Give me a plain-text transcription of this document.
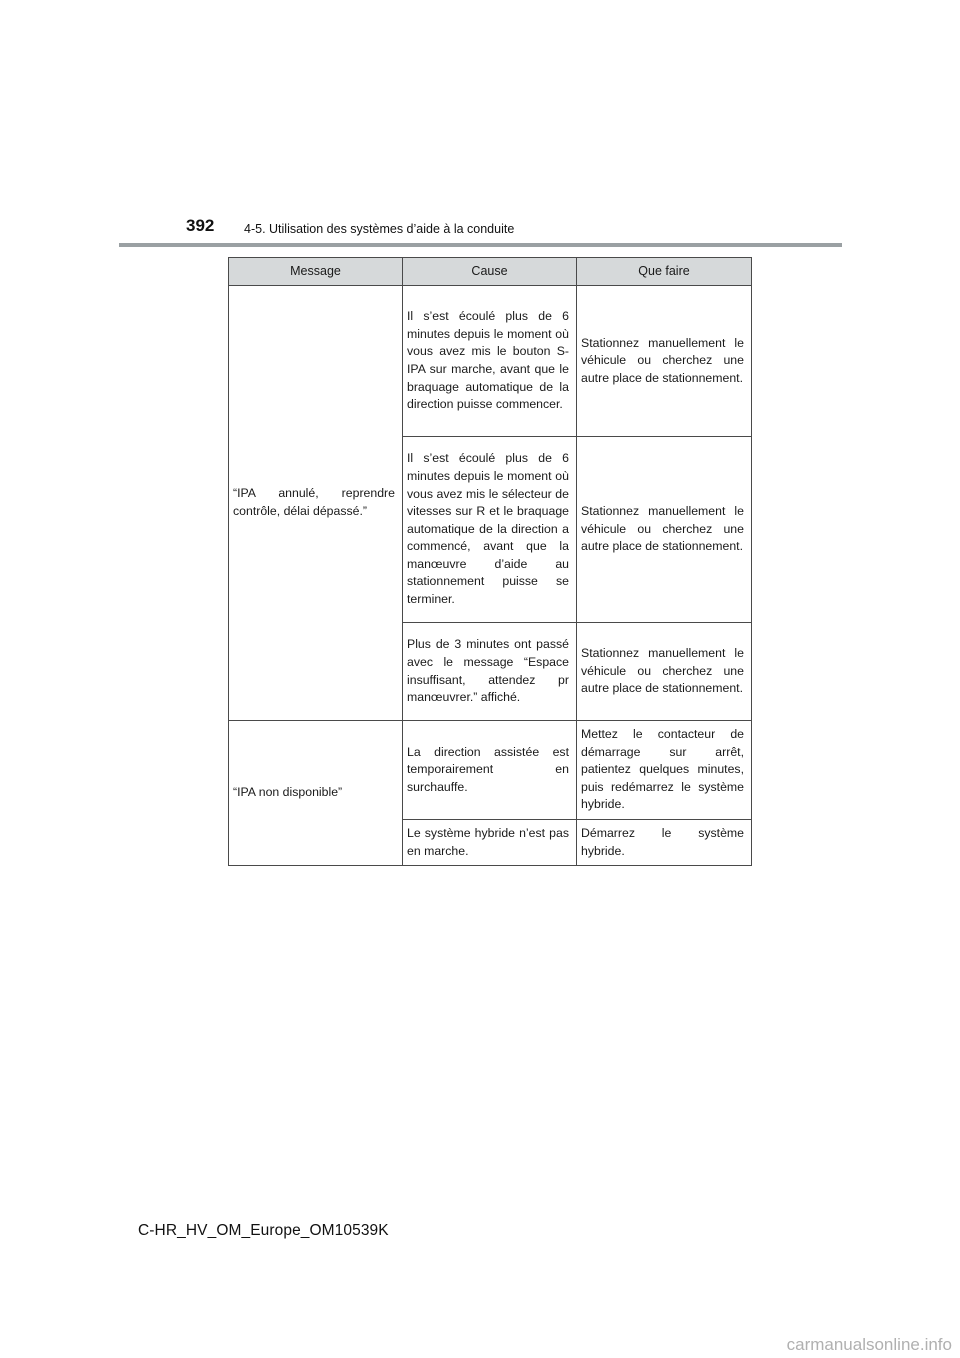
392 4-5. Utilisation des systèmes d’aide à la conduite
Message	Cause	Que faire
“IPA annulé, reprendre contrôle, délai dépassé.”	Il s’est écoulé plus de 6 minutes depuis le moment où vous avez mis le bouton S-IPA sur marche, avant que le braquage automatique de la direction puisse commencer.	Stationnez manuellement le véhicule ou cherchez une autre place de stationnement.
	Il s’est écoulé plus de 6 minutes depuis le moment où vous avez mis le sélecteur de vitesses sur R et le braquage automatique de la direction a commencé, avant que la manœuvre d’aide au stationnement puisse se terminer.	Stationnez manuellement le véhicule ou cherchez une autre place de stationnement.
	Plus de 3 minutes ont passé avec le message “Espace insuffisant, attendez pr manœuvrer.” affiché.	Stationnez manuellement le véhicule ou cherchez une autre place de stationnement.
“IPA non disponible”	La direction assistée est temporairement en surchauffe.	Mettez le contacteur de démarrage sur arrêt, patientez quelques minutes, puis redémarrez le système hybride.
	Le système hybride n’est pas en marche.	Démarrez le système hybride.
C-HR_HV_OM_Europe_OM10539K
carmanualsonline.info
